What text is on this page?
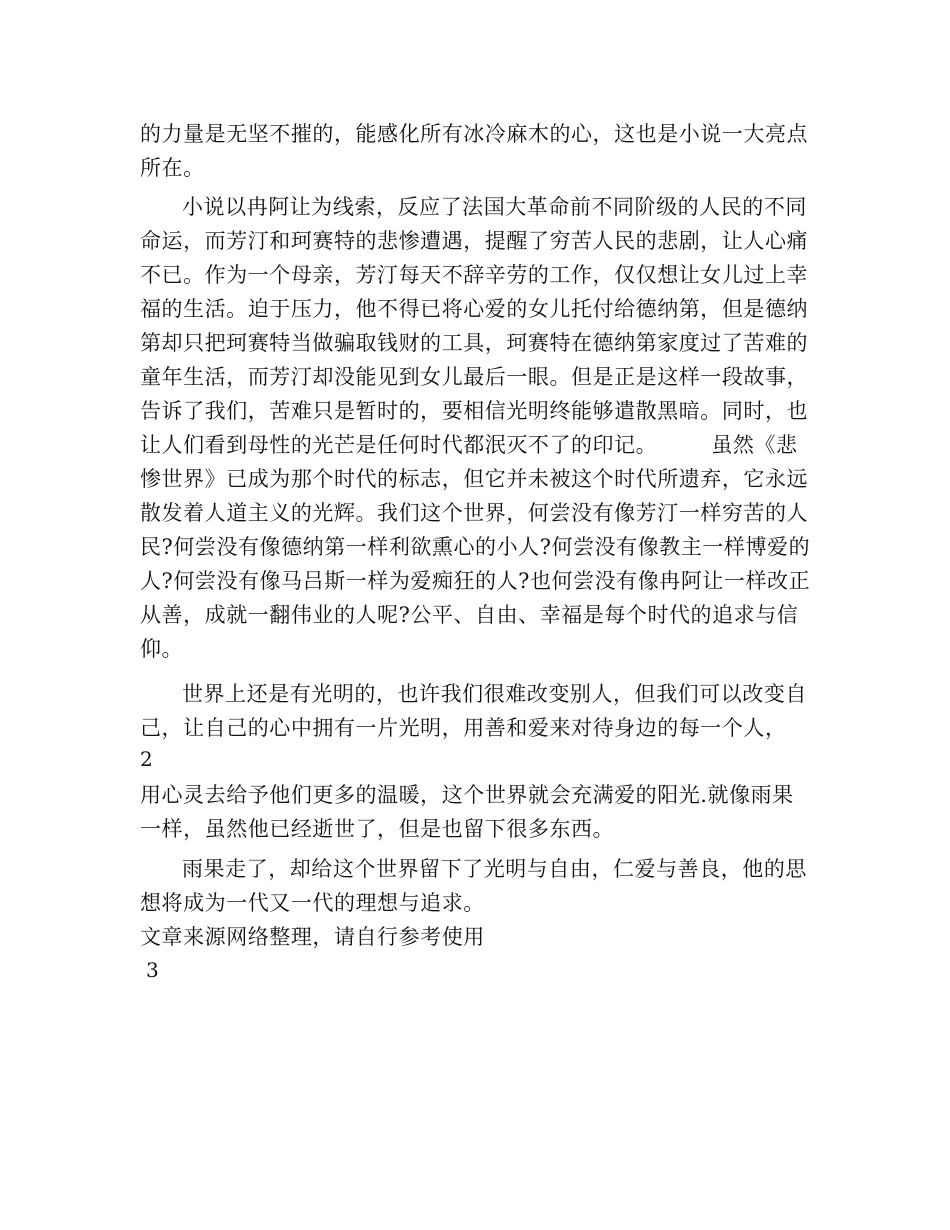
的力量是无坚不摧的，能感化所有冰冷麻木的心，这也是小说一大亮点
所在。
小说以冉阿让为线索，反应了法国大革命前不同阶级的人民的不同
命运，而芳汀和珂赛特的悲惨遭遇，提醒了穷苦人民的悲剧，让人心痛
不已。作为一个母亲，芳汀每天不辞辛劳的工作，仅仅想让女儿过上幸
福的生活。迫于压力，他不得已将心爱的女儿托付给德纳第，但是德纳
第却只把珂赛特当做骗取钱财的工具，珂赛特在德纳第家度过了苦难的
童年生活，而芳汀却没能见到女儿最后一眼。但是正是这样一段故事，
告诉了我们，苦难只是暂时的，要相信光明终能够遣散黑暗。同时，也
让人们看到母性的光芒是任何时代都泯灭不了的印记。　　　虽然《悲
惨世界》已成为那个时代的标志，但它并未被这个时代所遗弃，它永远
散发着人道主义的光辉。我们这个世界，何尝没有像芳汀一样穷苦的人
民?何尝没有像德纳第一样利欲熏心的小人?何尝没有像教主一样博爱的
人?何尝没有像马吕斯一样为爱痴狂的人?也何尝没有像冉阿让一样改正
从善，成就一翻伟业的人呢?公平、自由、幸福是每个时代的追求与信
仰。
世界上还是有光明的，也许我们很难改变别人，但我们可以改变自
己，让自己的心中拥有一片光明，用善和爱来对待身边的每一个人，
2
用心灵去给予他们更多的温暖，这个世界就会充满爱的阳光.就像雨果
一样，虽然他已经逝世了，但是也留下很多东西。
雨果走了，却给这个世界留下了光明与自由，仁爱与善良，他的思
想将成为一代又一代的理想与追求。
文章来源网络整理，请自行参考使用
3
